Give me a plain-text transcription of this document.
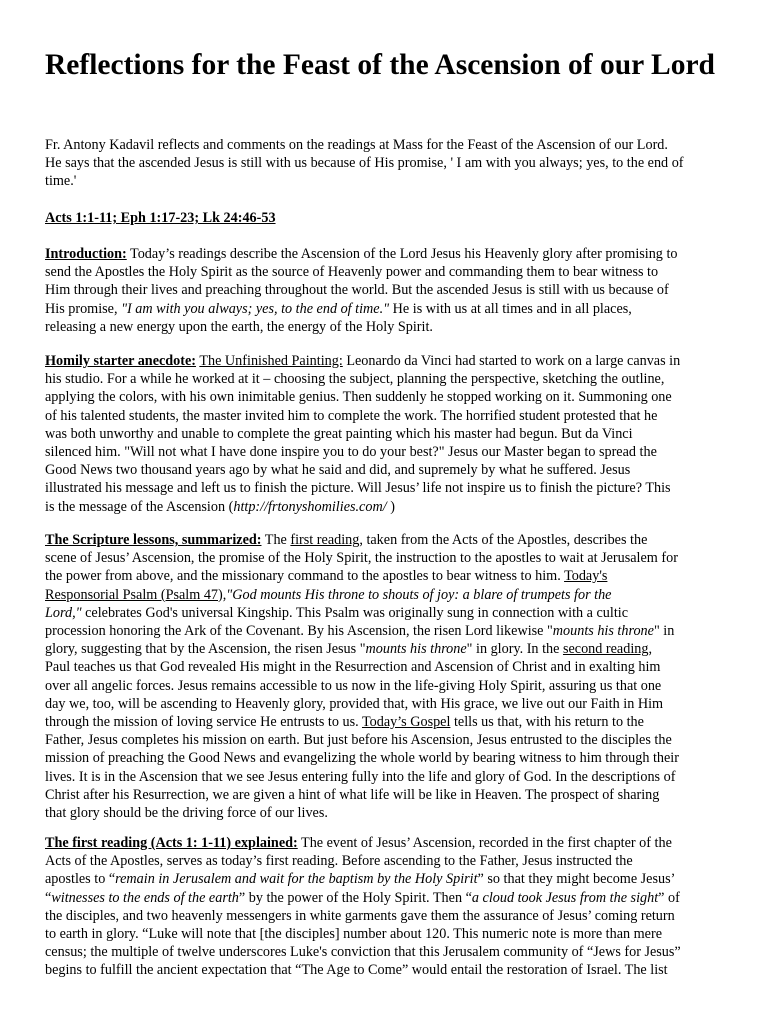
Reflections for the Feast of the Ascension of our Lord
Fr. Antony Kadavil reflects and comments on the readings at Mass for the Feast of the Ascension of our Lord.
He says that the ascended Jesus is still with us because of His promise, ' I am with you always; yes, to the end of
time.'
Acts 1:1-11; Eph 1:17-23; Lk 24:46-53
Introduction: Today’s readings describe the Ascension of the Lord Jesus his Heavenly glory after promising to
send the Apostles the Holy Spirit as the source of Heavenly power and commanding them to bear witness to
Him through their lives and preaching throughout the world. But the ascended Jesus is still with us because of
His promise, "I am with you always; yes, to the end of time." He is with us at all times and in all places,
releasing a new energy upon the earth, the energy of the Holy Spirit.
Homily starter anecdote: The Unfinished Painting: Leonardo da Vinci had started to work on a large canvas in
his studio. For a while he worked at it – choosing the subject, planning the perspective, sketching the outline,
applying the colors, with his own inimitable genius. Then suddenly he stopped working on it. Summoning one
of his talented students, the master invited him to complete the work. The horrified student protested that he
was both unworthy and unable to complete the great painting which his master had begun. But da Vinci
silenced him. "Will not what I have done inspire you to do your best?" Jesus our Master began to spread the
Good News two thousand years ago by what he said and did, and supremely by what he suffered. Jesus
illustrated his message and left us to finish the picture. Will Jesus’ life not inspire us to finish the picture? This
is the message of the Ascension (http://frtonyshomilies.com/ )
The Scripture lessons, summarized: The first reading, taken from the Acts of the Apostles, describes the
scene of Jesus’ Ascension, the promise of the Holy Spirit, the instruction to the apostles to wait at Jerusalem for
the power from above, and the missionary command to the apostles to bear witness to him. Today's
Responsorial Psalm (Psalm 47),"God mounts His throne to shouts of joy: a blare of trumpets for the
Lord," celebrates God's universal Kingship. This Psalm was originally sung in connection with a cultic
procession honoring the Ark of the Covenant. By his Ascension, the risen Lord likewise "mounts his throne" in
glory, suggesting that by the Ascension, the risen Jesus "mounts his throne" in glory. In the second reading,
Paul teaches us that God revealed His might in the Resurrection and Ascension of Christ and in exalting him
over all angelic forces. Jesus remains accessible to us now in the life-giving Holy Spirit, assuring us that one
day we, too, will be ascending to Heavenly glory, provided that, with His grace, we live out our Faith in Him
through the mission of loving service He entrusts to us. Today’s Gospel tells us that, with his return to the
Father, Jesus completes his mission on earth. But just before his Ascension, Jesus entrusted to the disciples the
mission of preaching the Good News and evangelizing the whole world by bearing witness to him through their
lives. It is in the Ascension that we see Jesus entering fully into the life and glory of God. In the descriptions of
Christ after his Resurrection, we are given a hint of what life will be like in Heaven. The prospect of sharing
that glory should be the driving force of our lives.
The first reading (Acts 1: 1-11) explained: The event of Jesus’ Ascension, recorded in the first chapter of the
Acts of the Apostles, serves as today’s first reading. Before ascending to the Father, Jesus instructed the
apostles to “remain in Jerusalem and wait for the baptism by the Holy Spirit” so that they might become Jesus’
“witnesses to the ends of the earth” by the power of the Holy Spirit. Then “a cloud took Jesus from the sight” of
the disciples, and two heavenly messengers in white garments gave them the assurance of Jesus’ coming return
to earth in glory. “Luke will note that [the disciples] number about 120. This numeric note is more than mere
census; the multiple of twelve underscores Luke's conviction that this Jerusalem community of “Jews for Jesus”
begins to fulfill the ancient expectation that “The Age to Come” would entail the restoration of Israel. The list
